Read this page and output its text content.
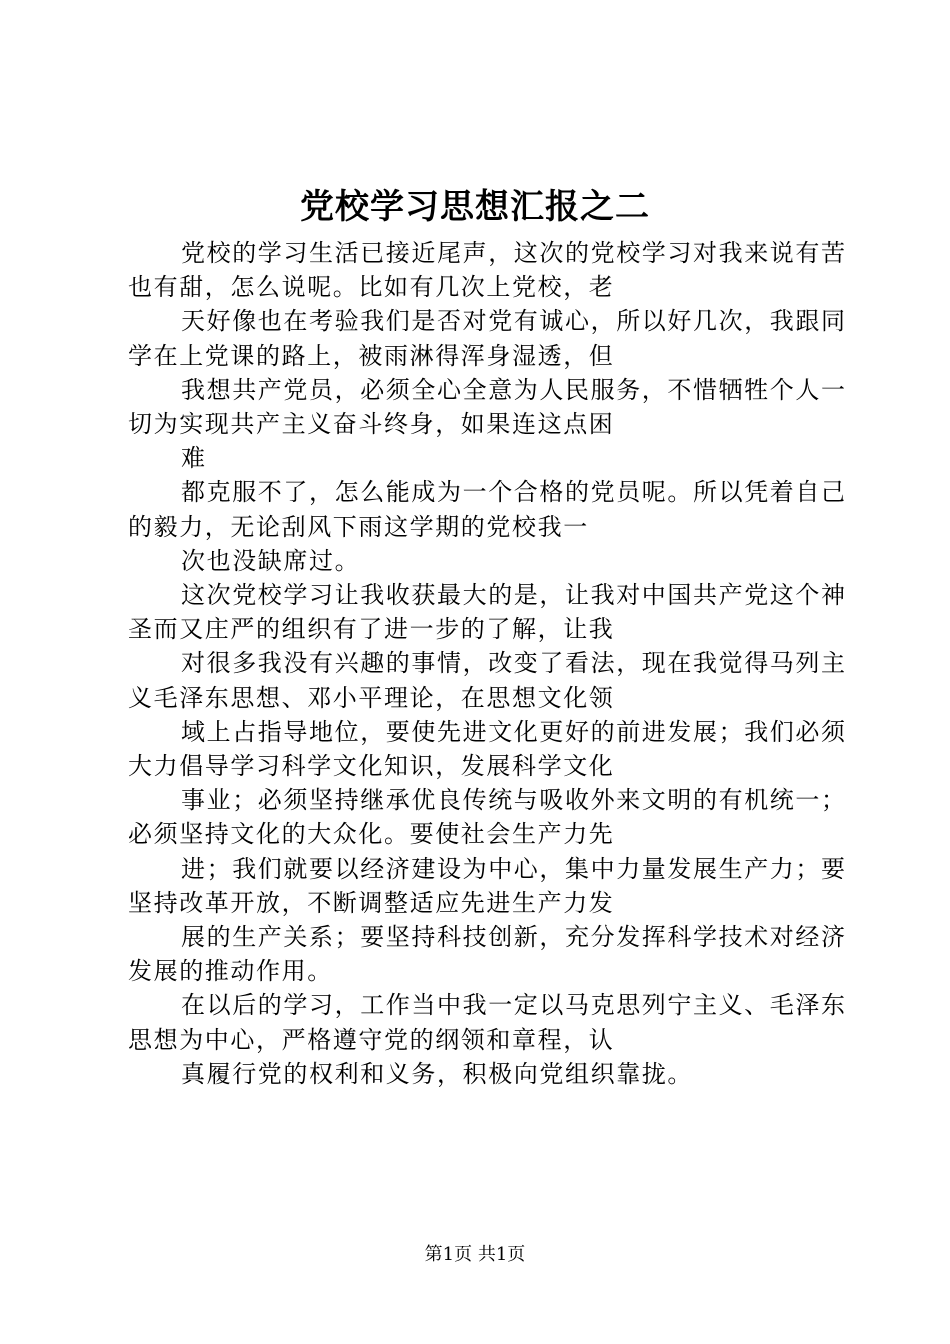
党校学习思想汇报之二

党校的学习生活已接近尾声，这次的党校学习对我来说有苦也有甜，怎么说呢。比如有几次上党校，老

天好像也在考验我们是否对党有诚心，所以好几次，我跟同学在上党课的路上，被雨淋得浑身湿透，但

我想共产党员，必须全心全意为人民服务，不惜牺牲个人一切为实现共产主义奋斗终身，如果连这点困

难

都克服不了，怎么能成为一个合格的党员呢。所以凭着自己的毅力，无论刮风下雨这学期的党校我一

次也没缺席过。

这次党校学习让我收获最大的是，让我对中国共产党这个神圣而又庄严的组织有了进一步的了解，让我

对很多我没有兴趣的事情，改变了看法，现在我觉得马列主义毛泽东思想、邓小平理论，在思想文化领

域上占指导地位，要使先进文化更好的前进发展；我们必须大力倡导学习科学文化知识，发展科学文化

事业；必须坚持继承优良传统与吸收外来文明的有机统一；必须坚持文化的大众化。要使社会生产力先

进；我们就要以经济建设为中心，集中力量发展生产力；要坚持改革开放，不断调整适应先进生产力发

展的生产关系；要坚持科技创新，充分发挥科学技术对经济发展的推动作用。

在以后的学习，工作当中我一定以马克思列宁主义、毛泽东思想为中心，严格遵守党的纲领和章程，认

真履行党的权利和义务，积极向党组织靠拢。

第1页 共1页
